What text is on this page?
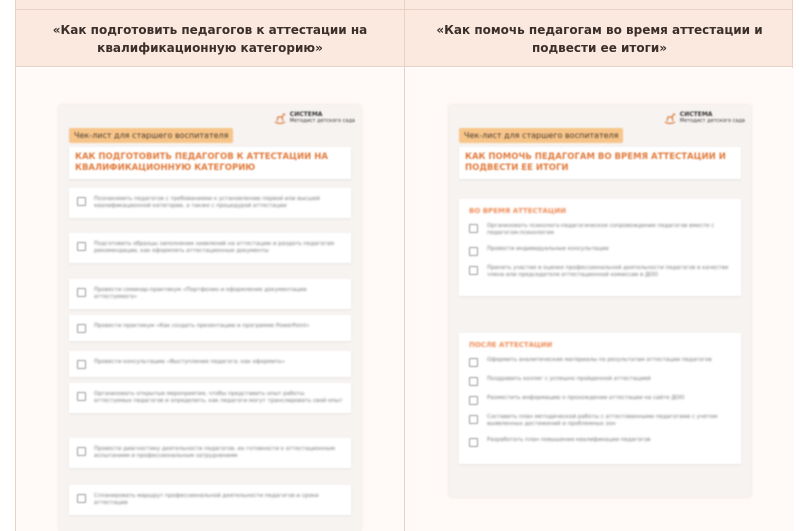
«Как подготовить педагогов к аттестации на квалификационную категорию»
«Как помочь педагогам во время аттестации и подвести ее итоги»
СИСТЕМА
Методист детского сада
Чек-лист для старшего воспитателя
КАК ПОДГОТОВИТЬ ПЕДАГОГОВ К АТТЕСТАЦИИ НА КВАЛИФИКАЦИОННУЮ КАТЕГОРИЮ
Познакомить педагогов с требованиями к установлению первой или высшей квалификационной категории, а также с процедурой аттестации
Подготовить образцы заполнения заявлений на аттестацию и раздать педагогам рекомендации, как оформлять аттестационные документы
Провести семинар-практикум «Портфолио и оформление документации аттестуемого»
Провести практикум «Как создать презентацию в программе PowerPoint»
Провести консультацию «Выступление педагога: как оформить»
Организовать открытые мероприятия, чтобы представить опыт работы аттестуемых педагогов и определить, как педагоги могут транслировать свой опыт
Провести диагностику деятельности педагогов, их готовности к аттестационным испытаниям и профессиональным затруднениям
Спланировать маршрут профессиональной деятельности педагогов и сроки аттестации
СИСТЕМА
Методист детского сада
Чек-лист для старшего воспитателя
КАК ПОМОЧЬ ПЕДАГОГАМ ВО ВРЕМЯ АТТЕСТАЦИИ И ПОДВЕСТИ ЕЕ ИТОГИ
ВО ВРЕМЯ АТТЕСТАЦИИ
Организовать психолого-педагогическое сопровождение педагогов вместе с педагогом-психологом
Провести индивидуальные консультации
Принять участие в оценке профессиональной деятельности педагогов в качестве члена или председателя аттестационной комиссии в ДОО
ПОСЛЕ АТТЕСТАЦИИ
Оформить аналитические материалы по результатам аттестации педагогов
Поздравить коллег с успешно пройденной аттестацией
Разместить информацию о прохождении аттестации на сайте ДОО
Составить план методической работы с аттестованными педагогами с учетом выявленных достижений и проблемных зон
Разработать план повышения квалификации педагогов
